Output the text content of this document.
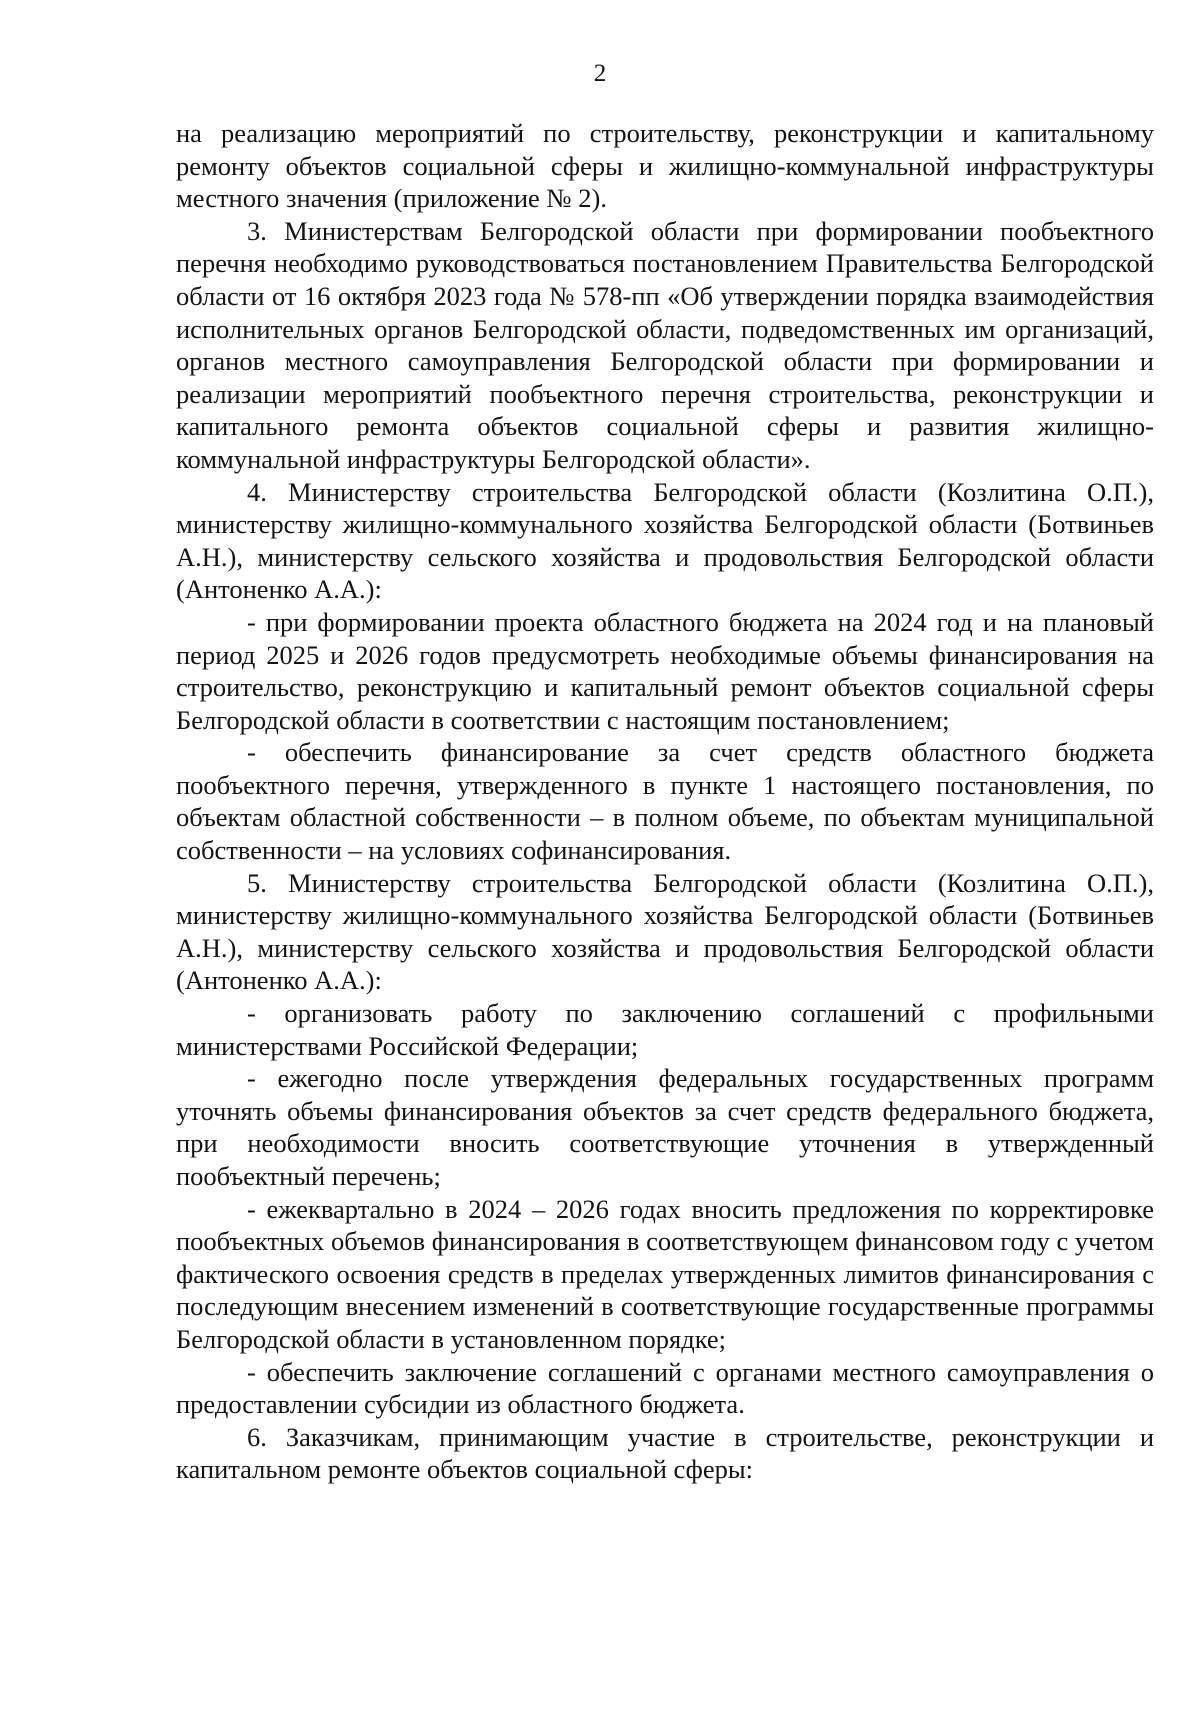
2

на реализацию мероприятий по строительству, реконструкции и капитальному ремонту объектов социальной сферы и жилищно-коммунальной инфраструктуры местного значения (приложение № 2).

3. Министерствам Белгородской области при формировании пообъектного перечня необходимо руководствоваться постановлением Правительства Белгородской области от 16 октября 2023 года № 578-пп «Об утверждении порядка взаимодействия исполнительных органов Белгородской области, подведомственных им организаций, органов местного самоуправления Белгородской области при формировании и реализации мероприятий пообъектного перечня строительства, реконструкции и капитального ремонта объектов социальной сферы и развития жилищно-коммунальной инфраструктуры Белгородской области».

4. Министерству строительства Белгородской области (Козлитина О.П.), министерству жилищно-коммунального хозяйства Белгородской области (Ботвиньев А.Н.), министерству сельского хозяйства и продовольствия Белгородской области (Антоненко А.А.):

- при формировании проекта областного бюджета на 2024 год и на плановый период 2025 и 2026 годов предусмотреть необходимые объемы финансирования на строительство, реконструкцию и капитальный ремонт объектов социальной сферы Белгородской области в соответствии с настоящим постановлением;

- обеспечить финансирование за счет средств областного бюджета пообъектного перечня, утвержденного в пункте 1 настоящего постановления, по объектам областной собственности – в полном объеме, по объектам муниципальной собственности – на условиях софинансирования.

5. Министерству строительства Белгородской области (Козлитина О.П.), министерству жилищно-коммунального хозяйства Белгородской области (Ботвиньев А.Н.), министерству сельского хозяйства и продовольствия Белгородской области (Антоненко А.А.):

- организовать работу по заключению соглашений с профильными министерствами Российской Федерации;

- ежегодно после утверждения федеральных государственных программ уточнять объемы финансирования объектов за счет средств федерального бюджета, при необходимости вносить соответствующие уточнения в утвержденный пообъектный перечень;

- ежеквартально в 2024 – 2026 годах вносить предложения по корректировке пообъектных объемов финансирования в соответствующем финансовом году с учетом фактического освоения средств в пределах утвержденных лимитов финансирования с последующим внесением изменений в соответствующие государственные программы Белгородской области в установленном порядке;

- обеспечить заключение соглашений с органами местного самоуправления о предоставлении субсидии из областного бюджета.

6. Заказчикам, принимающим участие в строительстве, реконструкции и капитальном ремонте объектов социальной сферы:
